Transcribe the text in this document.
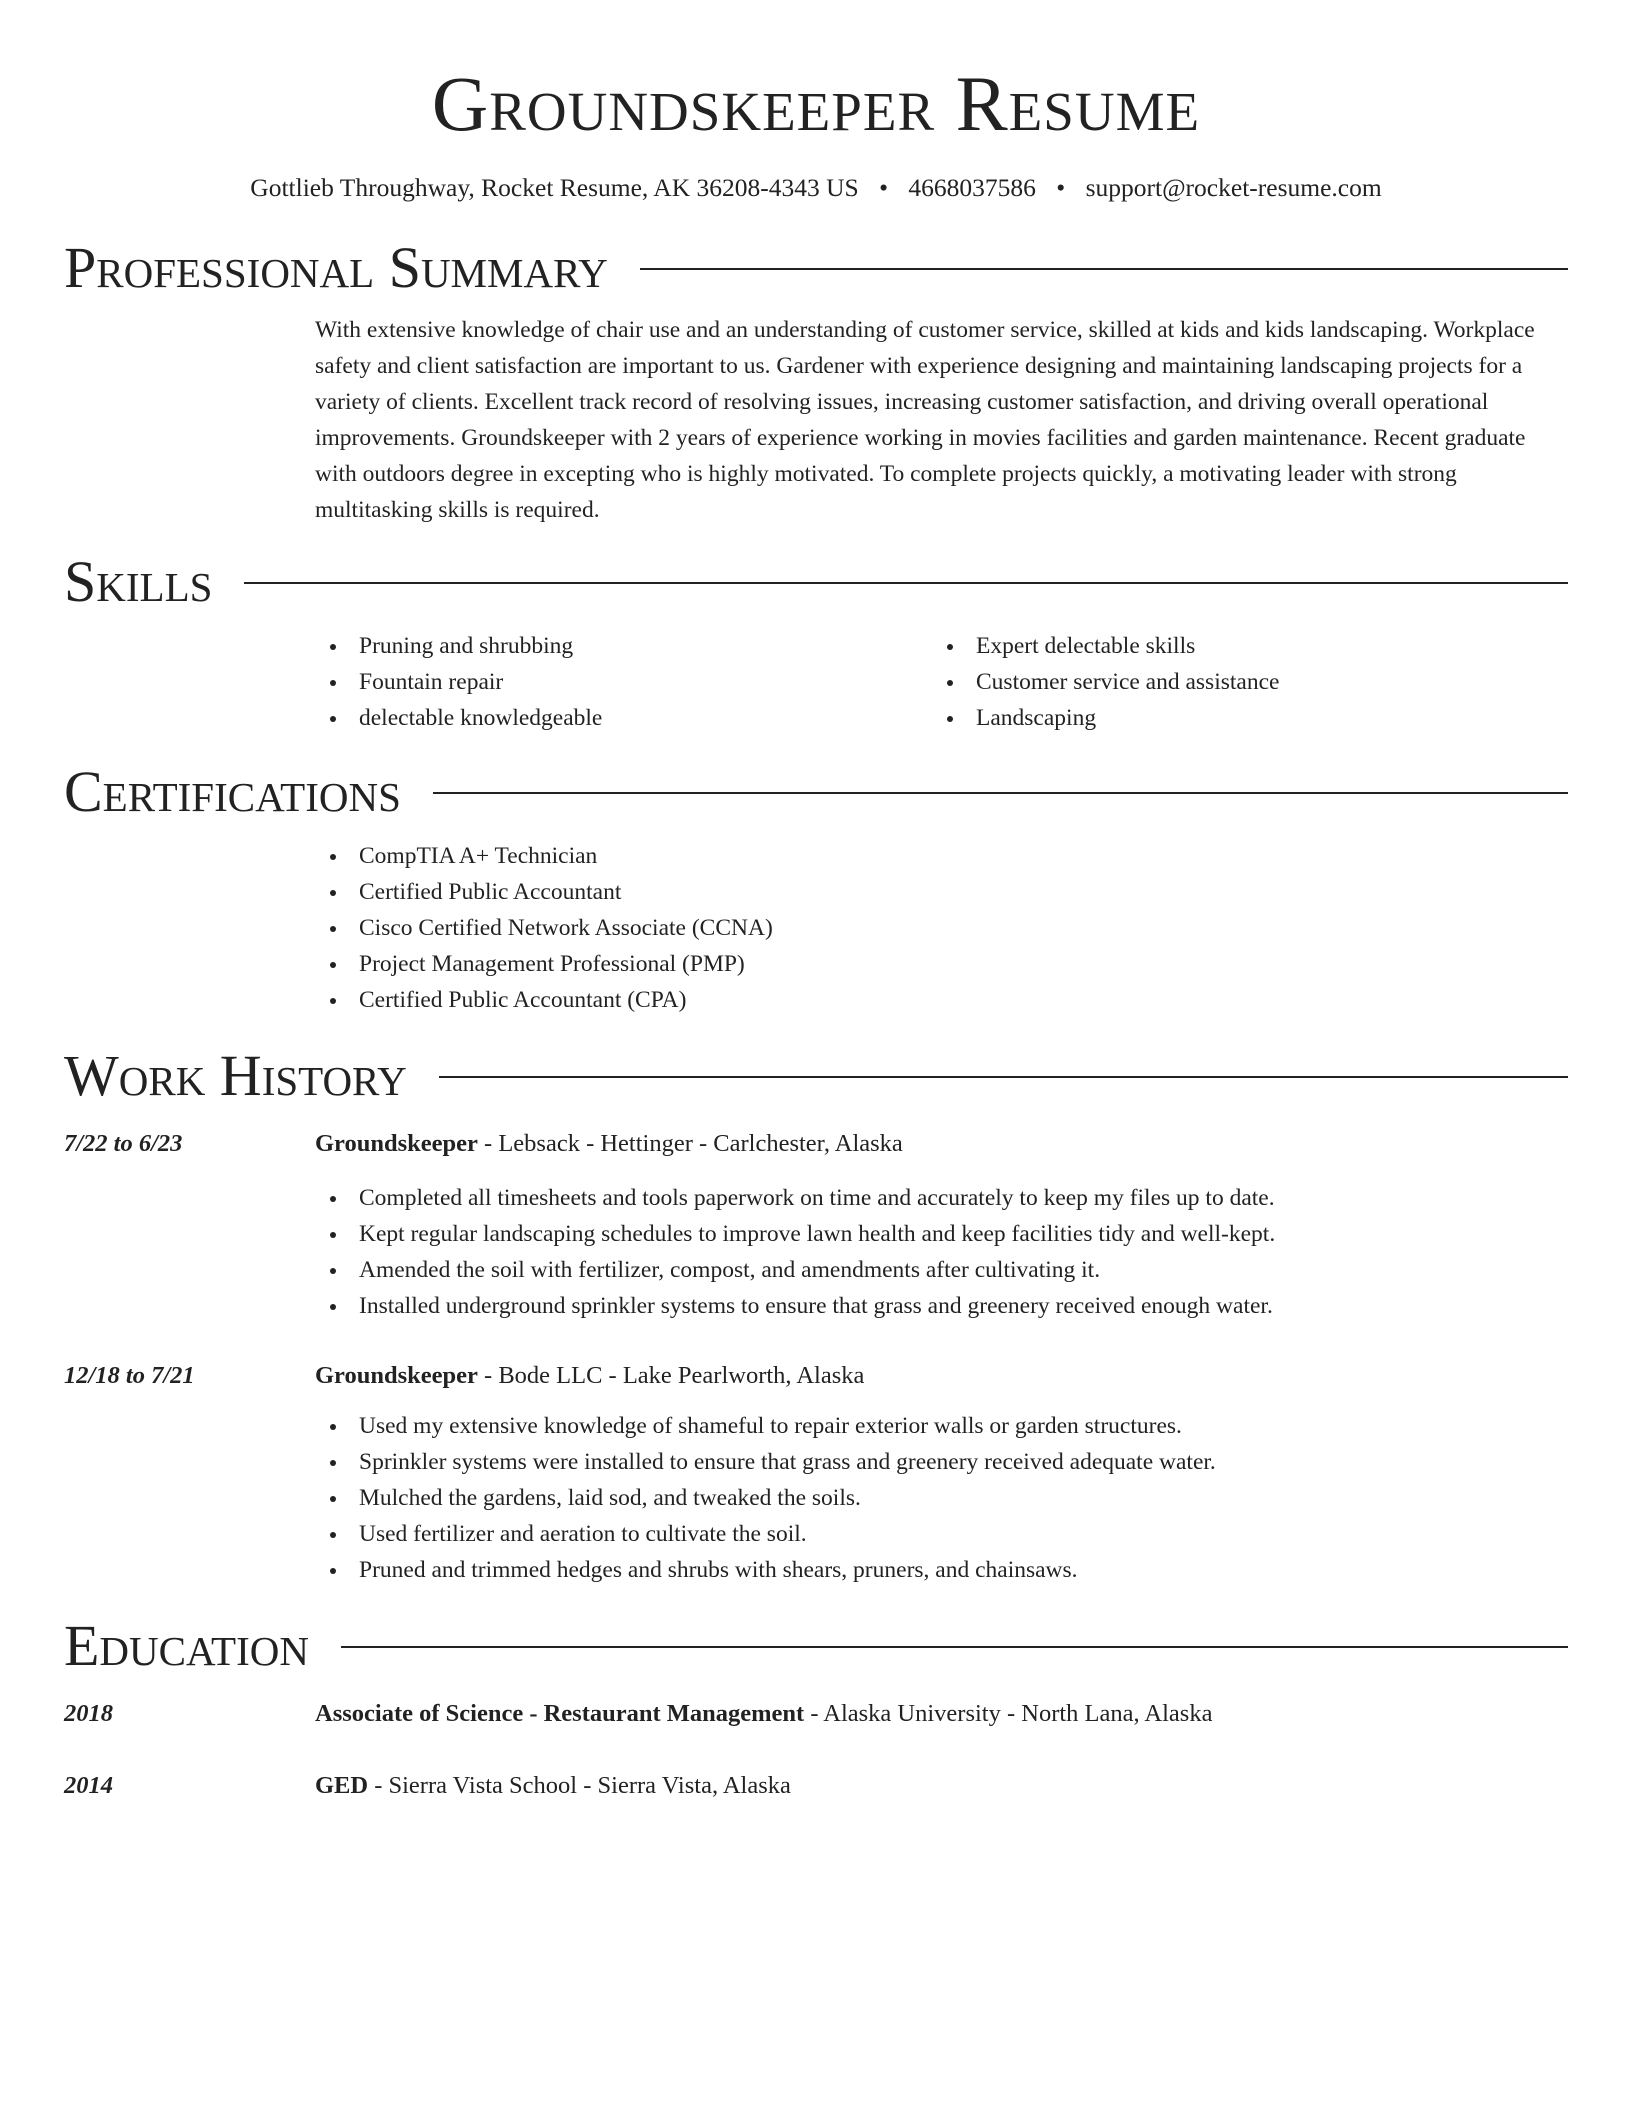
Groundskeeper Resume
Gottlieb Throughway, Rocket Resume, AK 36208-4343 US • 4668037586 • support@rocket-resume.com
Professional Summary

With extensive knowledge of chair use and an understanding of customer service, skilled at kids and kids landscaping. Workplace safety and client satisfaction are important to us. Gardener with experience designing and maintaining landscaping projects for a variety of clients. Excellent track record of resolving issues, increasing customer satisfaction, and driving overall operational improvements. Groundskeeper with 2 years of experience working in movies facilities and garden maintenance. Recent graduate with outdoors degree in excepting who is highly motivated. To complete projects quickly, a motivating leader with strong multitasking skills is required.

Skills
Pruning and shrubbing
Fountain repair
delectable knowledgeable
Expert delectable skills
Customer service and assistance
Landscaping
Certifications
CompTIA A+ Technician
Certified Public Accountant
Cisco Certified Network Associate (CCNA)
Project Management Professional (PMP)
Certified Public Accountant (CPA)
Work History
7/22 to 6/23	Groundskeeper - Lebsack - Hettinger - Carlchester, Alaska
Completed all timesheets and tools paperwork on time and accurately to keep my files up to date.
Kept regular landscaping schedules to improve lawn health and keep facilities tidy and well-kept.
Amended the soil with fertilizer, compost, and amendments after cultivating it.
Installed underground sprinkler systems to ensure that grass and greenery received enough water.
12/18 to 7/21	Groundskeeper - Bode LLC - Lake Pearlworth, Alaska
Used my extensive knowledge of shameful to repair exterior walls or garden structures.
Sprinkler systems were installed to ensure that grass and greenery received adequate water.
Mulched the gardens, laid sod, and tweaked the soils.
Used fertilizer and aeration to cultivate the soil.
Pruned and trimmed hedges and shrubs with shears, pruners, and chainsaws.
Education
2018	Associate of Science - Restaurant Management - Alaska University - North Lana, Alaska
2014	GED - Sierra Vista School - Sierra Vista, Alaska
